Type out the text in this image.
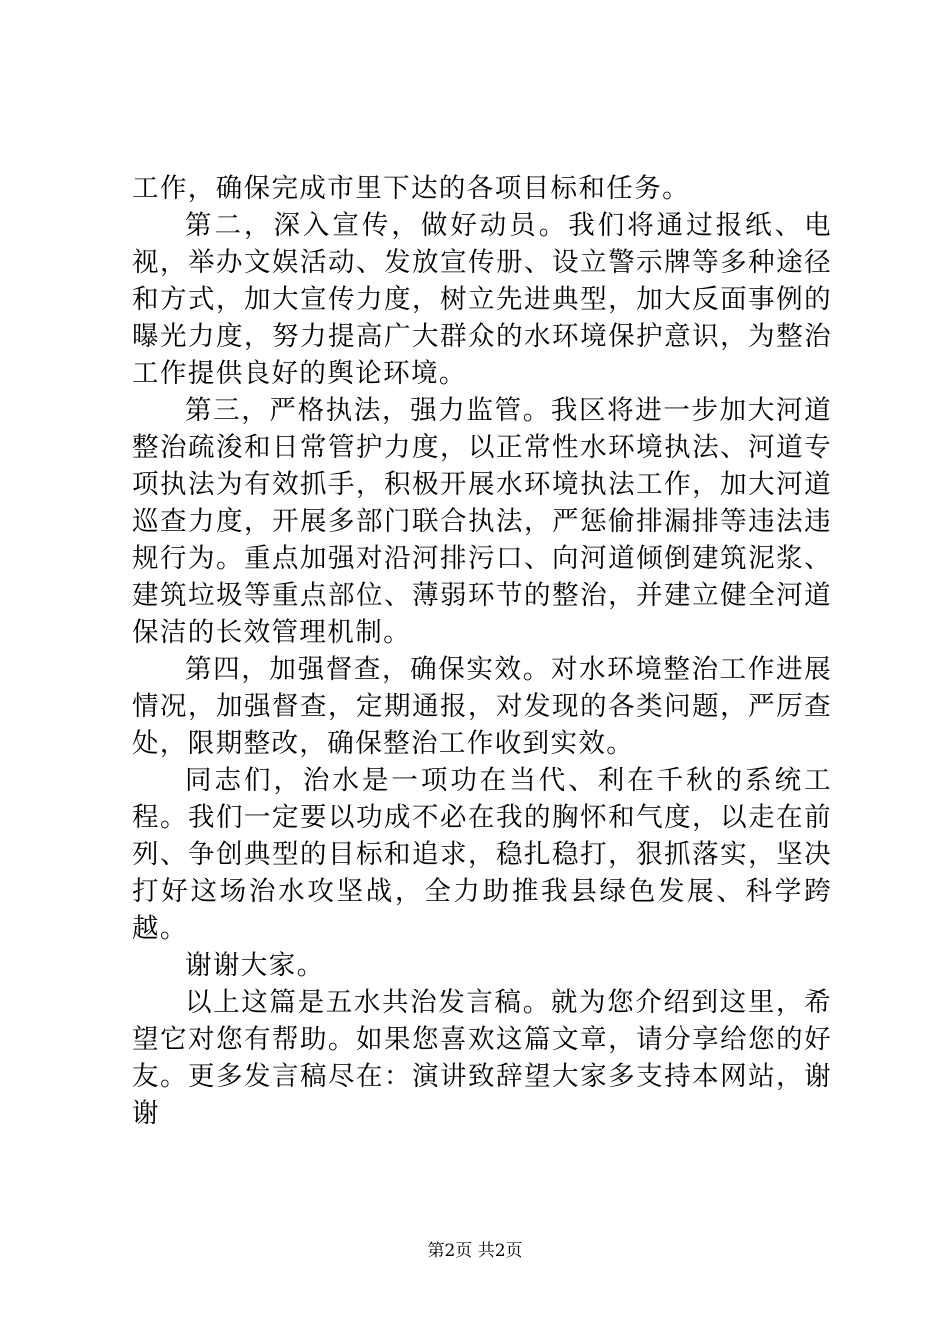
工作，确保完成市里下达的各项目标和任务。

第二，深入宣传，做好动员。我们将通过报纸、电视，举办文娱活动、发放宣传册、设立警示牌等多种途径和方式，加大宣传力度，树立先进典型，加大反面事例的曝光力度，努力提高广大群众的水环境保护意识，为整治工作提供良好的舆论环境。

第三，严格执法，强力监管。我区将进一步加大河道整治疏浚和日常管护力度，以正常性水环境执法、河道专项执法为有效抓手，积极开展水环境执法工作，加大河道巡查力度，开展多部门联合执法，严惩偷排漏排等违法违规行为。重点加强对沿河排污口、向河道倾倒建筑泥浆、建筑垃圾等重点部位、薄弱环节的整治，并建立健全河道保洁的长效管理机制。

第四，加强督查，确保实效。对水环境整治工作进展情况，加强督查，定期通报，对发现的各类问题，严厉查处，限期整改，确保整治工作收到实效。

同志们，治水是一项功在当代、利在千秋的系统工程。我们一定要以功成不必在我的胸怀和气度，以走在前列、争创典型的目标和追求，稳扎稳打，狠抓落实，坚决打好这场治水攻坚战，全力助推我县绿色发展、科学跨越。

谢谢大家。

以上这篇是五水共治发言稿。就为您介绍到这里，希望它对您有帮助。如果您喜欢这篇文章，请分享给您的好友。更多发言稿尽在：演讲致辞望大家多支持本网站，谢谢

第2页 共2页
